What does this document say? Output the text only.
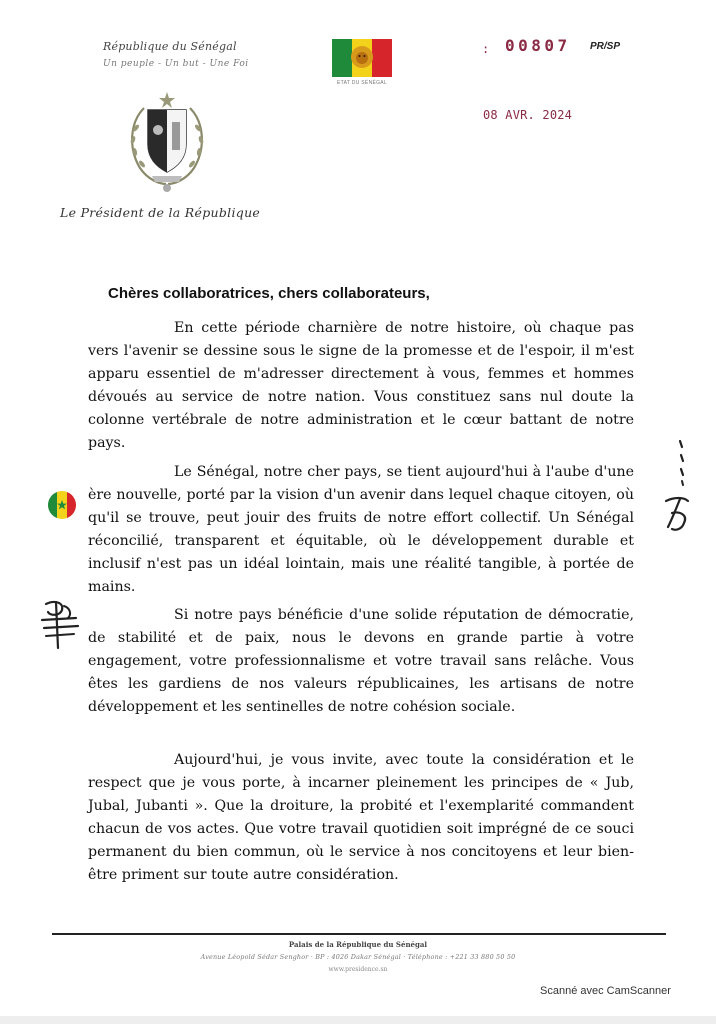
République du Sénégal
Un peuple - Un but - Une Foi
Le Président de la République
ETAT DU SÉNÉGAL
: 00807 PR/SP
08 AVR. 2024
Chères collaboratrices, chers collaborateurs,

En cette période charnière de notre histoire, où chaque pas vers l'avenir se dessine sous le signe de la promesse et de l'espoir, il m'est apparu essentiel de m'adresser directement à vous, femmes et hommes dévoués au service de notre nation. Vous constituez sans nul doute la colonne vertébrale de notre administration et le cœur battant de notre pays.

Le Sénégal, notre cher pays, se tient aujourd'hui à l'aube d'une ère nouvelle, porté par la vision d'un avenir dans lequel chaque citoyen, où qu'il se trouve, peut jouir des fruits de notre effort collectif. Un Sénégal réconcilié, transparent et équitable, où le développement durable et inclusif n'est pas un idéal lointain, mais une réalité tangible, à portée de mains.

Si notre pays bénéficie d'une solide réputation de démocratie, de stabilité et de paix, nous le devons en grande partie à votre engagement, votre professionnalisme et votre travail sans relâche. Vous êtes les gardiens de nos valeurs républicaines, les artisans de notre développement et les sentinelles de notre cohésion sociale.

Aujourd'hui, je vous invite, avec toute la considération et le respect que je vous porte, à incarner pleinement les principes de « Jub, Jubal, Jubanti ». Que la droiture, la probité et l'exemplarité commandent chacun de vos actes. Que votre travail quotidien soit imprégné de ce souci permanent du bien commun, où le service à nos concitoyens et leur bien-être priment sur toute autre considération.

Palais de la République du Sénégal
Avenue Léopold Sédar Senghor · BP : 4026 Dakar Sénégal · Téléphone : +221 33 880 50 50
www.presidence.sn
Scanné avec CamScanner
